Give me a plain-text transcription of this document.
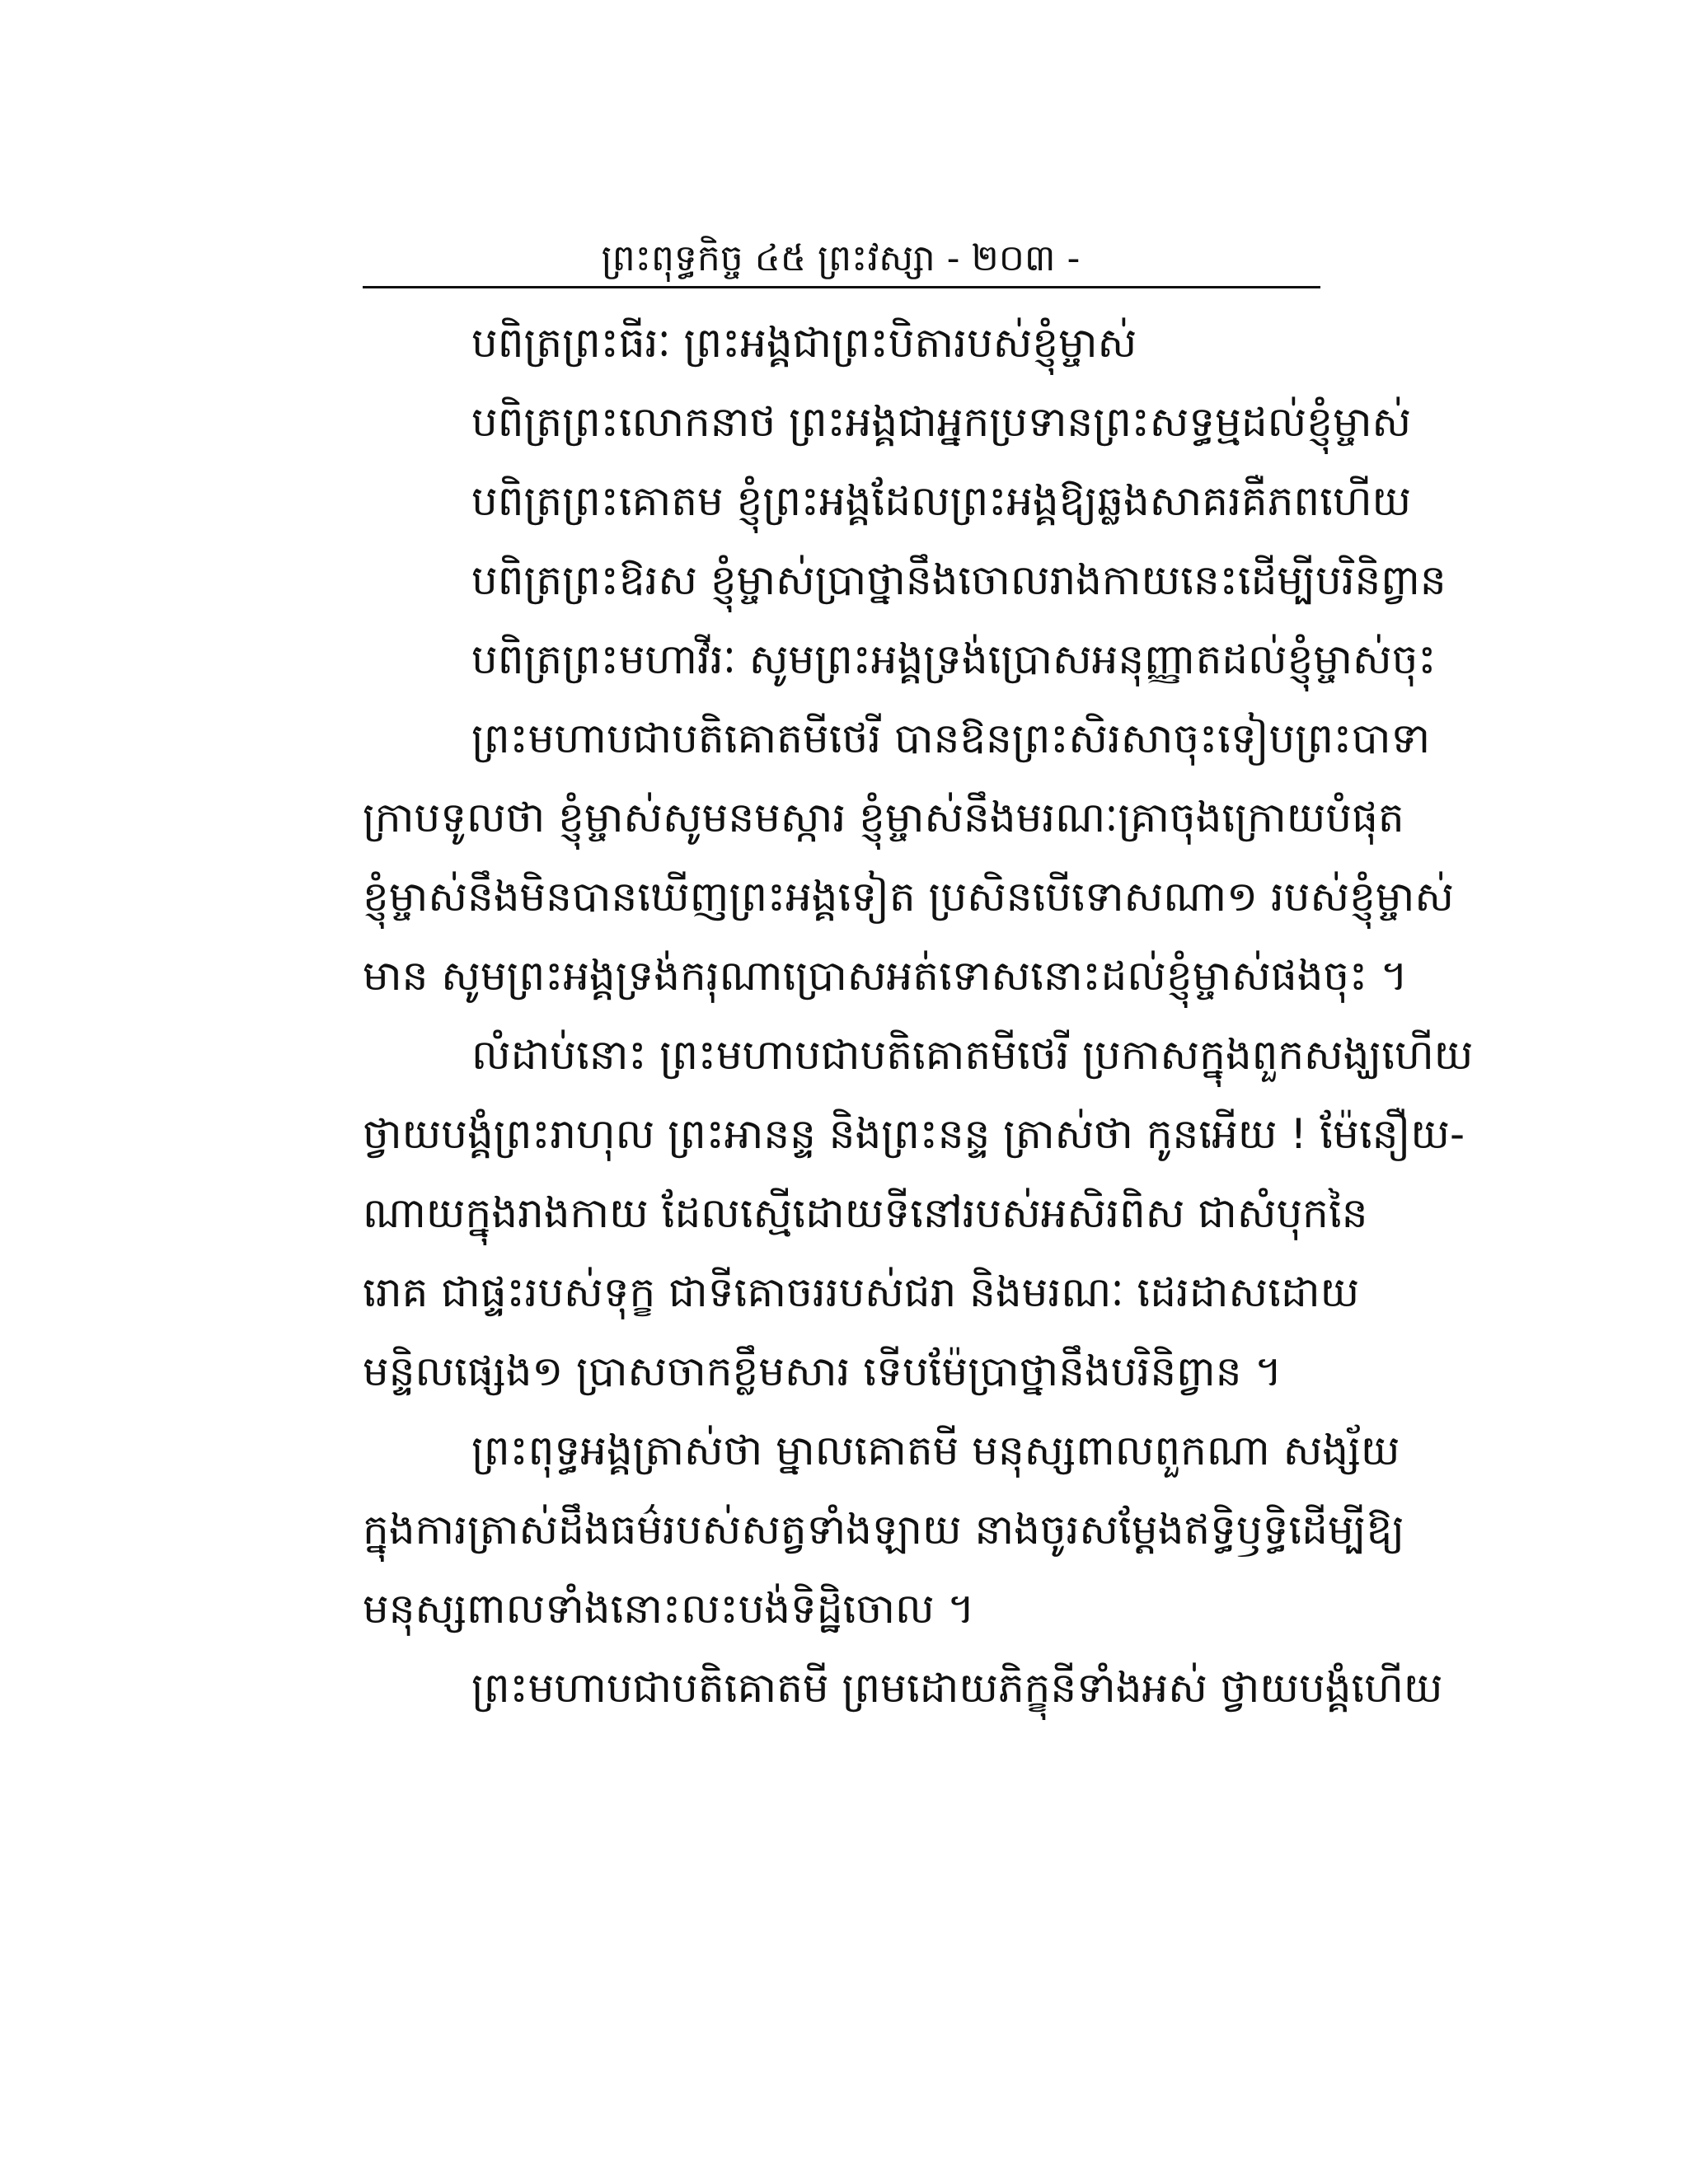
ព្រះពុទ្ធកិច្ច ៤៥ ព្រះវស្សា - ២០៣ -
បពិត្រព្រះធីរៈ ព្រះអង្គជាព្រះបិតារបស់ខ្ញុំម្ចាស់
បពិត្រព្រះលោកនាថ ព្រះអង្គជាអ្នកប្រទានព្រះសទ្ធម្មដល់ខ្ញុំម្ចាស់
បពិត្រព្រះគោតម ខ្ញុំព្រះអង្គដែលព្រះអង្គឱ្យឆ្លងសាគរគឺភពហើយ
បពិត្រព្រះឱរស ខ្ញុំម្ចាស់ប្រាថ្នានឹងចោលរាងកាយនេះដើម្បីបរិនិព្វាន
បពិត្រព្រះមហាវីរៈ សូមព្រះអង្គទ្រង់ប្រោសអនុញ្ញាតដល់ខ្ញុំម្ចាស់ចុះ
ព្រះមហាបជាបតិគោតមីថេរី បានឱនព្រះសិរសាចុះទៀបព្រះបាទា
ក្រាបទូលថា ខ្ញុំម្ចាស់សូមនមស្ការ ខ្ញុំម្ចាស់នឹងមរណៈគ្រាចុងក្រោយបំផុត
ខ្ញុំម្ចាស់នឹងមិនបានឃើញព្រះអង្គទៀត ប្រសិនបើទោសណា១ របស់ខ្ញុំម្ចាស់
មាន សូមព្រះអង្គទ្រង់ករុណាប្រោសអត់ទោសនោះដល់ខ្ញុំម្ចាស់ផងចុះ ។
លំដាប់នោះ ព្រះមហាបជាបតិគោតមីថេរី ប្រកាសក្នុងពួកសង្ឃហើយ
ថ្វាយបង្គំព្រះរាហុល ព្រះអានន្ទ និងព្រះនន្ទ ត្រាស់ថា កូនអើយ ! ម៉ែនឿយ-
ណាយក្នុងរាងកាយ ដែលស្មើដោយទីនៅរបស់អសិរពិស ជាសំបុកនៃ
រោគ ជាផ្ទះរបស់ទុក្ខ ជាទីគោចររបស់ជរា និងមរណៈ ដេរដាសដោយ
មន្ទិលផ្សេង១ ប្រាសចាកខ្លឹមសារ ទើបម៉ែប្រាថ្នានឹងបរិនិព្វាន ។
ព្រះពុទ្ធអង្គត្រាស់ថា ម្នាលគោតមី មនុស្សពាលពួកណា សង្ស័យ
ក្នុងការត្រាស់ដឹងធម៌របស់សត្វទាំងឡាយ នាងចូរសម្ដែងឥទ្ធិឫទ្ធិដើម្បីឱ្យ
មនុស្សពាលទាំងនោះលះបង់ទិដ្ឋិចោល ។
ព្រះមហាបជាបតិគោតមី ព្រមដោយភិក្ខុនីទាំងអស់ ថ្វាយបង្គំហើយ
